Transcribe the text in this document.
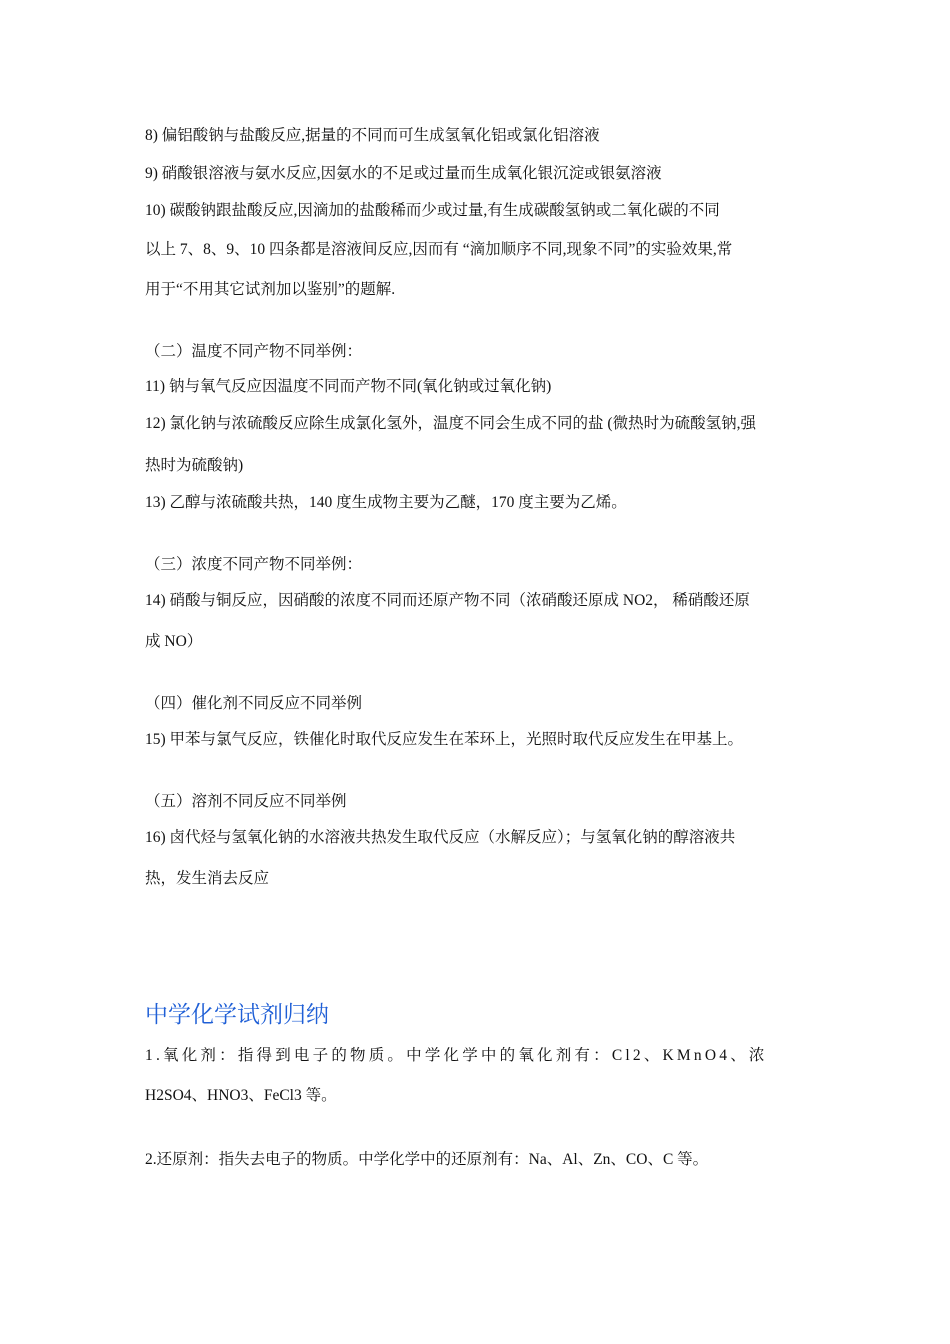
8) 偏铝酸钠与盐酸反应,据量的不同而可生成氢氧化铝或氯化铝溶液
9) 硝酸银溶液与氨水反应,因氨水的不足或过量而生成氧化银沉淀或银氨溶液
10) 碳酸钠跟盐酸反应,因滴加的盐酸稀而少或过量,有生成碳酸氢钠或二氧化碳的不同
以上 7、8、9、10 四条都是溶液间反应,因而有 “滴加顺序不同,现象不同”的实验效果,常
用于“不用其它试剂加以鉴别”的题解.
（二）温度不同产物不同举例：
11) 钠与氧气反应因温度不同而产物不同(氧化钠或过氧化钠)
12) 氯化钠与浓硫酸反应除生成氯化氢外，温度不同会生成不同的盐 (微热时为硫酸氢钠,强
热时为硫酸钠)
13) 乙醇与浓硫酸共热，140 度生成物主要为乙醚，170 度主要为乙烯。
（三）浓度不同产物不同举例：
14) 硝酸与铜反应，因硝酸的浓度不同而还原产物不同（浓硝酸还原成 NO2， 稀硝酸还原
成 NO）
（四）催化剂不同反应不同举例
15) 甲苯与氯气反应，铁催化时取代反应发生在苯环上，光照时取代反应发生在甲基上。
（五）溶剂不同反应不同举例
16) 卤代烃与氢氧化钠的水溶液共热发生取代反应（水解反应）；与氢氧化钠的醇溶液共
热，发生消去反应
中学化学试剂归纳
1.氧化剂：指得到电子的物质。中学化学中的氧化剂有：Cl2、KMnO4、浓
H2SO4、HNO3、FeCl3 等。
2.还原剂：指失去电子的物质。中学化学中的还原剂有：Na、Al、Zn、CO、C 等。
